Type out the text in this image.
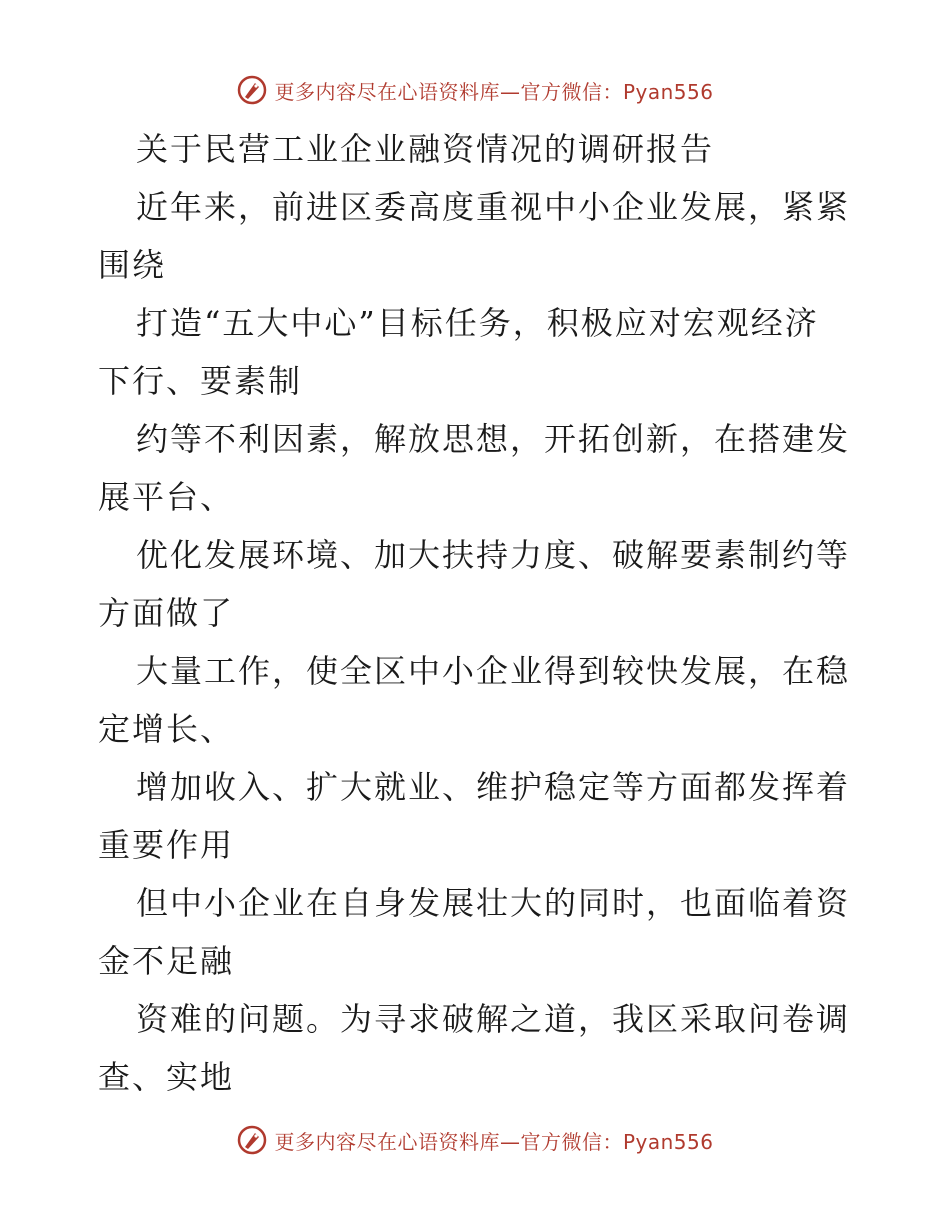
更多内容尽在心语资料库—官方微信：Pyan556
关于民营工业企业融资情况的调研报告
近年来，前进区委高度重视中小企业发展，紧紧
围绕
打造“五大中心”目标任务，积极应对宏观经济
下行、要素制
约等不利因素，解放思想，开拓创新，在搭建发
展平台、
优化发展环境、加大扶持力度、破解要素制约等
方面做了
大量工作，使全区中小企业得到较快发展，在稳
定增长、
增加收入、扩大就业、维护稳定等方面都发挥着
重要作用
但中小企业在自身发展壮大的同时，也面临着资
金不足融
资难的问题。为寻求破解之道，我区采取问卷调
查、实地
更多内容尽在心语资料库—官方微信：Pyan556
